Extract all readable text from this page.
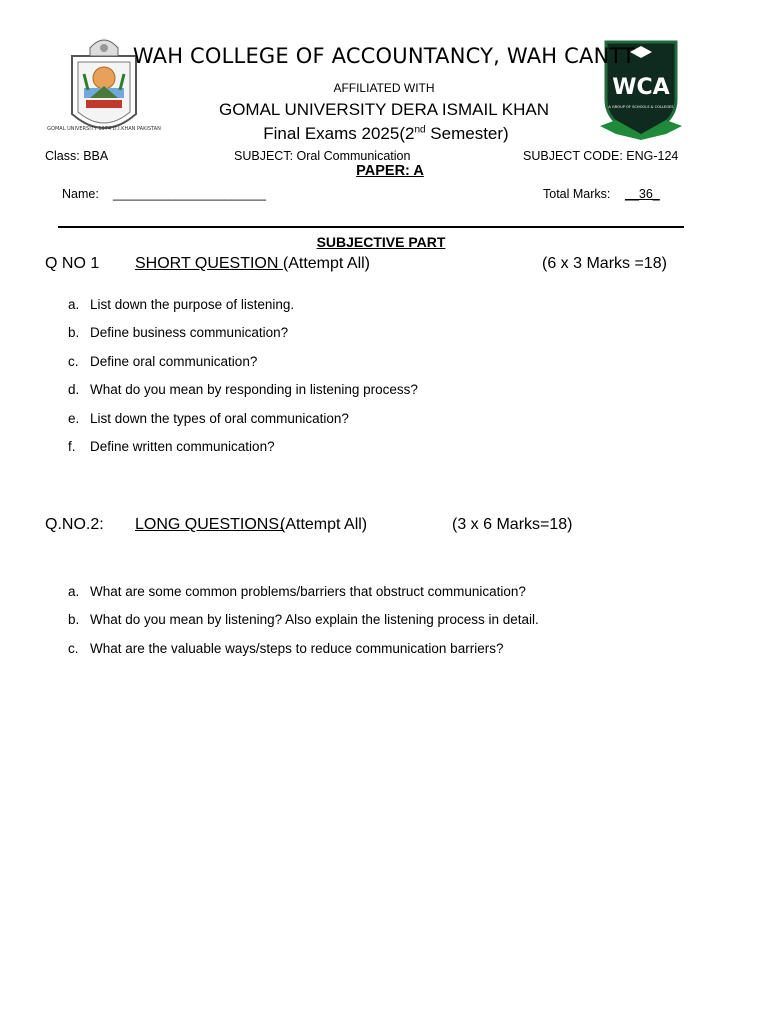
GOMAL UNIVERSITY 1974 D.I.KHAN PAKISTAN
WCA
A GROUP OF SCHOOLS & COLLEGES
WAH COLLEGE OF ACCOUNTANCY, WAH CANTT
AFFILIATED WITH
GOMAL UNIVERSITY DERA ISMAIL KHAN
Final Exams 2025(2nd Semester)
Class: BBA	SUBJECT: Oral Communication	SUBJECT CODE: ENG-124
PAPER: A
Name: ______________________	Total Marks: __36_
SUBJECTIVE PART
Q NO 1 SHORT QUESTION (Attempt All)	(6 x 3 Marks =18)
a. List down the purpose of listening.
b. Define business communication?
c. Define oral communication?
d. What do you mean by responding in listening process?
e. List down the types of oral communication?
f. Define written communication?
Q.NO.2: LONG QUESTIONS.
(Attempt All)	(3 x 6 Marks=18)
a. What are some common problems/barriers that obstruct communication?
b. What do you mean by listening? Also explain the listening process in detail.
c. What are the valuable ways/steps to reduce communication barriers?
